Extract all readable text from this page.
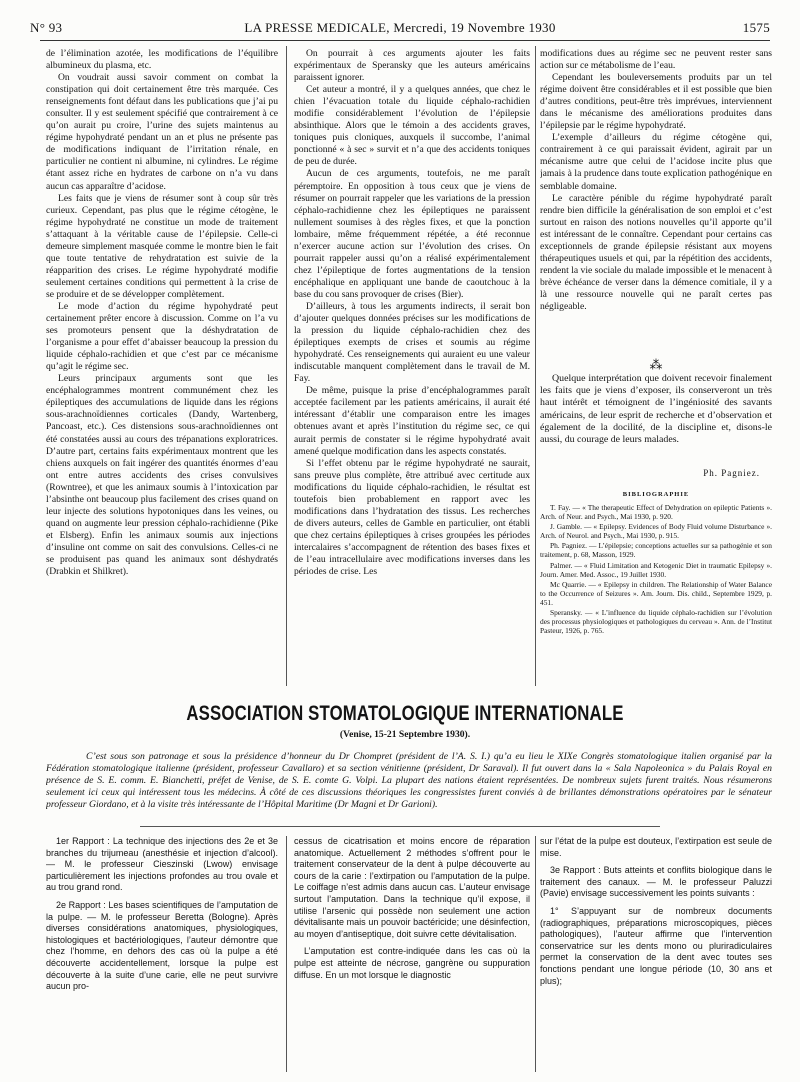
LA PRESSE MEDICALE, Mercredi, 19 Novembre 1930
N° 93	1575

de l’élimination azotée, les modifications de l’équilibre albumineux du plasma, etc.

On voudrait aussi savoir comment on combat la constipation qui doit certainement être très marquée. Ces renseignements font défaut dans les publications que j’ai pu consulter. Il y est seulement spécifié que contrairement à ce qu’on aurait pu croire, l’urine des sujets maintenus au régime hypohydraté pendant un an et plus ne présente pas de modifications indiquant de l’irritation rénale, en particulier ne contient ni albumine, ni cylindres. Le régime étant assez riche en hydrates de carbone on n’a vu dans aucun cas apparaître d’acidose.

Les faits que je viens de résumer sont à coup sûr très curieux. Cependant, pas plus que le régime cétogène, le régime hypohydraté ne constitue un mode de traitement s’attaquant à la véritable cause de l’épilepsie. Celle-ci demeure simplement masquée comme le montre bien le fait que toute tentative de rehydratation est suivie de la réapparition des crises. Le régime hypohydraté modifie seulement certaines conditions qui permettent à la crise de se produire et de se développer complètement.

Le mode d’action du régime hypohydraté peut certainement prêter encore à discussion. Comme on l’a vu ses promoteurs pensent que la déshydratation de l’organisme a pour effet d’abaisser beaucoup la pression du liquide céphalo-rachidien et que c’est par ce mécanisme qu’agit le régime sec.

Leurs principaux arguments sont que les encéphalogrammes montrent communément chez les épileptiques des accumulations de liquide dans les régions sous-arachnoïdiennes corticales (Dandy, Wartenberg, Pancoast, etc.). Ces distensions sous-arachnoïdiennes ont été constatées aussi au cours des trépanations exploratrices. D’autre part, certains faits expérimentaux montrent que les chiens auxquels on fait ingérer des quantités énormes d’eau ont entre autres accidents des crises convulsives (Rowntree), et que les animaux soumis à l’intoxication par l’absinthe ont beaucoup plus facilement des crises quand on leur injecte des solutions hypotoniques dans les veines, ou quand on augmente leur pression céphalo-rachidienne (Pike et Elsberg). Enfin les animaux soumis aux injections d’insuline ont comme on sait des convulsions. Celles-ci ne se produisent pas quand les animaux sont déshydratés (Drabkin et Shilkret).

On pourrait à ces arguments ajouter les faits expérimentaux de Speransky que les auteurs américains paraissent ignorer.

Cet auteur a montré, il y a quelques années, que chez le chien l’évacuation totale du liquide céphalo-rachidien modifie considérablement l’évolution de l’épilepsie absinthique. Alors que le témoin a des accidents graves, toniques puis cloniques, auxquels il succombe, l’animal ponctionné « à sec » survit et n’a que des accidents toniques de peu de durée.

Aucun de ces arguments, toutefois, ne me paraît péremptoire. En opposition à tous ceux que je viens de résumer on pourrait rappeler que les variations de la pression céphalo-rachidienne chez les épileptiques ne paraissent nullement soumises à des règles fixes, et que la ponction lombaire, même fréquemment répétée, a été reconnue n’exercer aucune action sur l’évolution des crises. On pourrait rappeler aussi qu’on a réalisé expérimentalement chez l’épileptique de fortes augmentations de la tension encéphalique en appliquant une bande de caoutchouc à la base du cou sans provoquer de crises (Bier).

D’ailleurs, à tous les arguments indirects, il serait bon d’ajouter quelques données précises sur les modifications de la pression du liquide céphalo-rachidien chez des épileptiques exempts de crises et soumis au régime hypohydraté. Ces renseignements qui auraient eu une valeur indiscutable manquent complètement dans le travail de M. Fay.

De même, puisque la prise d’encéphalogrammes paraît acceptée facilement par les patients américains, il aurait été intéressant d’établir une comparaison entre les images obtenues avant et après l’institution du régime sec, ce qui aurait permis de constater si le régime hypohydraté avait amené quelque modification dans les aspects constatés.

Si l’effet obtenu par le régime hypohydraté ne saurait, sans preuve plus complète, être attribué avec certitude aux modifications du liquide céphalo-rachidien, le résultat est toutefois bien probablement en rapport avec les modifications dans l’hydratation des tissus. Les recherches de divers auteurs, celles de Gamble en particulier, ont établi que chez certains épileptiques à crises groupées les périodes intercalaires s’accompagnent de rétention des bases fixes et de l’eau intracellulaire avec modifications inverses dans les périodes de crise. Les

modifications dues au régime sec ne peuvent rester sans action sur ce métabolisme de l’eau.

Cependant les bouleversements produits par un tel régime doivent être considérables et il est possible que bien d’autres conditions, peut-être très imprévues, interviennent dans le mécanisme des améliorations produites dans l’épilepsie par le régime hypohydraté.

L’exemple d’ailleurs du régime cétogène qui, contrairement à ce qui paraissait évident, agirait par un mécanisme autre que celui de l’acidose incite plus que jamais à la prudence dans toute explication pathogénique en semblable domaine.

Le caractère pénible du régime hypohydraté paraît rendre bien difficile la généralisation de son emploi et c’est surtout en raison des notions nouvelles qu’il apporte qu’il est intéressant de le connaître. Cependant pour certains cas exceptionnels de grande épilepsie résistant aux moyens thérapeutiques usuels et qui, par la répétition des accidents, rendent la vie sociale du malade impossible et le menacent à brève échéance de verser dans la démence comitiale, il y a là une ressource nouvelle qui ne paraît certes pas négligeable.

⁂

Quelque interprétation que doivent recevoir finalement les faits que je viens d’exposer, ils conserveront un très haut intérêt et témoignent de l’ingéniosité des savants américains, de leur esprit de recherche et d’observation et également de la docilité, de la discipline et, disons-le aussi, du courage de leurs malades.

Ph. Pagniez.
BIBLIOGRAPHIE

T. Fay. — « The therapeutic Effect of Dehydration on epileptic Patients ». Arch. of Neur. and Psych., Mai 1930, p. 920.

J. Gamble. — « Epilepsy. Evidences of Body Fluid volume Disturbance ». Arch. of Neurol. and Psych., Mai 1930, p. 915.

Ph. Pagniez. — L’épilepsie; conceptions actuelles sur sa pathogénie et son traitement, p. 68, Masson, 1929.

Palmer. — « Fluid Limitation and Ketogenic Diet in traumatic Epilepsy ». Journ. Amer. Med. Assoc., 19 Juillet 1930.

Mc Quarrie. — « Epilepsy in children. The Relationship of Water Balance to the Occurrence of Seizures ». Am. Journ. Dis. child., Septembre 1929, p. 451.

Speransky. — « L’influence du liquide céphalo-rachidien sur l’évolution des processus physiologiques et pathologiques du cerveau ». Ann. de l’Institut Pasteur, 1926, p. 765.

ASSOCIATION STOMATOLOGIQUE INTERNATIONALE
(Venise, 15-21 Septembre 1930).

C’est sous son patronage et sous la présidence d’honneur du Dr Chompret (président de l’A. S. I.) qu’a eu lieu le XIXe Congrès stomatologique italien organisé par la Fédération stomatologique italienne (président, professeur Cavallaro) et sa section vénitienne (président, Dr Saraval). Il fut ouvert dans la « Sala Napoleonica » du Palais Royal en présence de S. E. comm. E. Bianchetti, préfet de Venise, de S. E. comte G. Volpi. La plupart des nations étaient représentées. De nombreux sujets furent traités. Nous résumerons seulement ici ceux qui intéressent tous les médecins. À côté de ces discussions théoriques les congressistes furent conviés à de brillantes démonstrations opératoires par le sénateur professeur Giordano, et à la visite très intéressante de l’Hôpital Maritime (Dr Magni et Dr Garioni).

1er Rapport : La technique des injections des 2e et 3e branches du trijumeau (anesthésie et injection d’alcool). — M. le professeur Cieszinski (Lwow) envisage particulièrement les injections profondes au trou ovale et au trou grand rond.

2e Rapport : Les bases scientifiques de l’amputation de la pulpe. — M. le professeur Beretta (Bologne). Après diverses considérations anatomiques, physiologiques, histologiques et bactériologiques, l’auteur démontre que chez l’homme, en dehors des cas où la pulpe a été découverte accidentellement, lorsque la pulpe est découverte à la suite d’une carie, elle ne peut survivre aucun pro-

cessus de cicatrisation et moins encore de réparation anatomique. Actuellement 2 méthodes s’offrent pour le traitement conservateur de la dent à pulpe découverte au cours de la carie : l’extirpation ou l’amputation de la pulpe. Le coiffage n’est admis dans aucun cas. L’auteur envisage surtout l’amputation. Dans la technique qu’il expose, il utilise l’arsenic qui possède non seulement une action dévitalisante mais un pouvoir bactéricide; une désinfection, au moyen d’antiseptique, doit suivre cette dévitalisation.

L’amputation est contre-indiquée dans les cas où la pulpe est atteinte de nécrose, gangrène ou suppuration diffuse. En un mot lorsque le diagnostic

sur l’état de la pulpe est douteux, l’extirpation est seule de mise.

3e Rapport : Buts atteints et conflits biologique dans le traitement des canaux. — M. le professeur Paluzzi (Pavie) envisage successivement les points suivants :

1° S’appuyant sur de nombreux documents (radiographiques, préparations microscopiques, pièces pathologiques), l’auteur affirme que l’intervention conservatrice sur les dents mono ou pluriradiculaires permet la conservation de la dent avec toutes ses fonctions pendant une longue période (10, 30 ans et plus);
